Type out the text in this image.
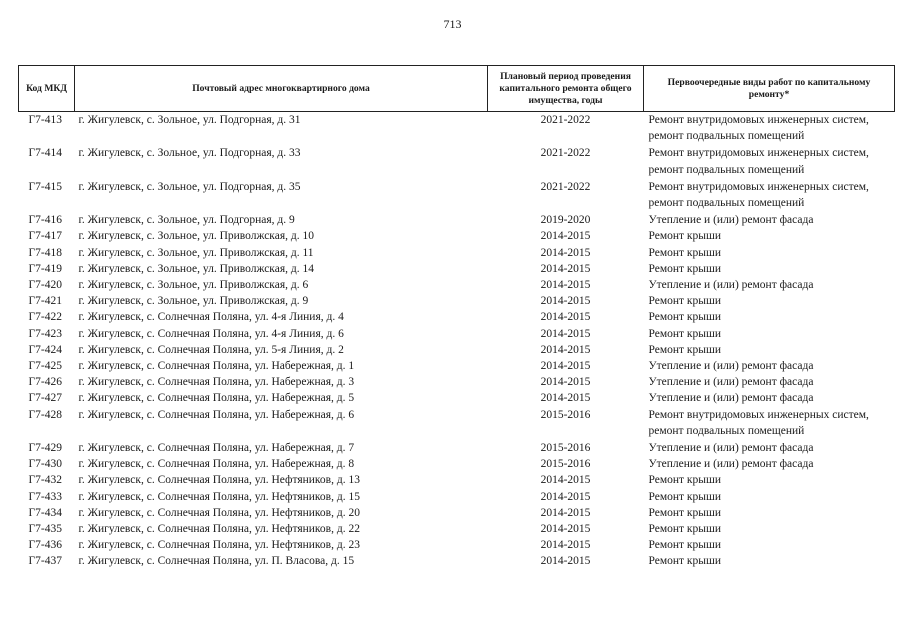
713
Код МКД	Почтовый адрес многоквартирного дома	Плановый период проведения капитального ремонта общего имущества, годы	Первоочередные виды работ по капитальному ремонту*
Г7-413	г. Жигулевск, с. Зольное, ул. Подгорная, д. 31	2021-2022	Ремонт внутридомовых инженерных систем,
ремонт подвальных помещений

Г7-414	г. Жигулевск, с. Зольное, ул. Подгорная, д. 33	2021-2022	Ремонт внутридомовых инженерных систем,
ремонт подвальных помещений

Г7-415	г. Жигулевск, с. Зольное, ул. Подгорная, д. 35	2021-2022	Ремонт внутридомовых инженерных систем,
ремонт подвальных помещений

Г7-416	г. Жигулевск, с. Зольное, ул. Подгорная, д. 9	2019-2020	Утепление и (или) ремонт фасада

Г7-417	г. Жигулевск, с. Зольное, ул. Приволжская, д. 10	2014-2015	Ремонт крыши

Г7-418	г. Жигулевск, с. Зольное, ул. Приволжская, д. 11	2014-2015	Ремонт крыши

Г7-419	г. Жигулевск, с. Зольное, ул. Приволжская, д. 14	2014-2015	Ремонт крыши

Г7-420	г. Жигулевск, с. Зольное, ул. Приволжская, д. 6	2014-2015	Утепление и (или) ремонт фасада

Г7-421	г. Жигулевск, с. Зольное, ул. Приволжская, д. 9	2014-2015	Ремонт крыши

Г7-422	г. Жигулевск, с. Солнечная Поляна, ул. 4-я Линия, д. 4	2014-2015	Ремонт крыши

Г7-423	г. Жигулевск, с. Солнечная Поляна, ул. 4-я Линия, д. 6	2014-2015	Ремонт крыши

Г7-424	г. Жигулевск, с. Солнечная Поляна, ул. 5-я Линия, д. 2	2014-2015	Ремонт крыши

Г7-425	г. Жигулевск, с. Солнечная Поляна, ул. Набережная, д. 1	2014-2015	Утепление и (или) ремонт фасада

Г7-426	г. Жигулевск, с. Солнечная Поляна, ул. Набережная, д. 3	2014-2015	Утепление и (или) ремонт фасада

Г7-427	г. Жигулевск, с. Солнечная Поляна, ул. Набережная, д. 5	2014-2015	Утепление и (или) ремонт фасада

Г7-428	г. Жигулевск, с. Солнечная Поляна, ул. Набережная, д. 6	2015-2016	Ремонт внутридомовых инженерных систем,
ремонт подвальных помещений

Г7-429	г. Жигулевск, с. Солнечная Поляна, ул. Набережная, д. 7	2015-2016	Утепление и (или) ремонт фасада

Г7-430	г. Жигулевск, с. Солнечная Поляна, ул. Набережная, д. 8	2015-2016	Утепление и (или) ремонт фасада

Г7-432	г. Жигулевск, с. Солнечная Поляна, ул. Нефтяников, д. 13	2014-2015	Ремонт крыши

Г7-433	г. Жигулевск, с. Солнечная Поляна, ул. Нефтяников, д. 15	2014-2015	Ремонт крыши

Г7-434	г. Жигулевск, с. Солнечная Поляна, ул. Нефтяников, д. 20	2014-2015	Ремонт крыши

Г7-435	г. Жигулевск, с. Солнечная Поляна, ул. Нефтяников, д. 22	2014-2015	Ремонт крыши

Г7-436	г. Жигулевск, с. Солнечная Поляна, ул. Нефтяников, д. 23	2014-2015	Ремонт крыши

Г7-437	г. Жигулевск, с. Солнечная Поляна, ул. П. Власова, д. 15	2014-2015	Ремонт крыши
